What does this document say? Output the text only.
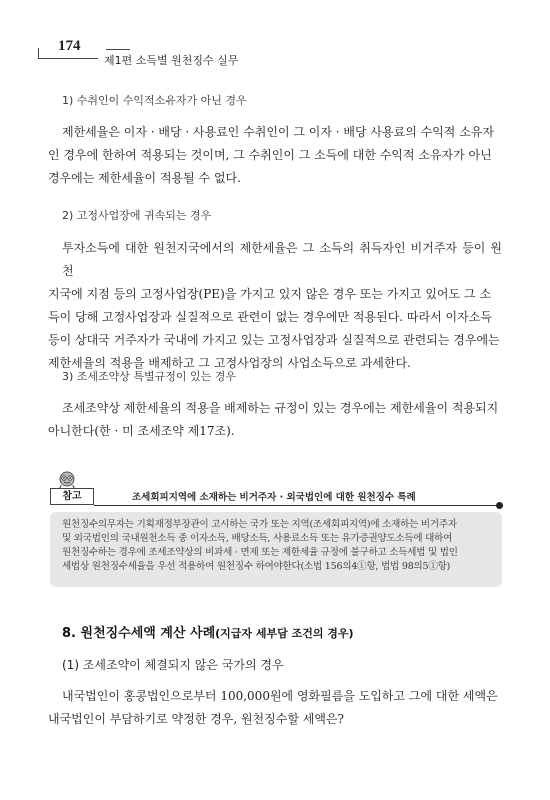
174
제1편 소득별 원천징수 실무
1) 수취인이 수익적소유자가 아닌 경우
제한세율은 이자 · 배당 · 사용료인 수취인이 그 이자 · 배당 사용료의 수익적 소유자
인 경우에 한하여 적용되는 것이며, 그 수취인이 그 소득에 대한 수익적 소유자가 아닌
경우에는 제한세율이 적용될 수 없다.
2) 고정사업장에 귀속되는 경우
투자소득에 대한 원천지국에서의 제한세율은 그 소득의 취득자인 비거주자 등이 원천
지국에 지점 등의 고정사업장(PE)을 가지고 있지 않은 경우 또는 가지고 있어도 그 소
득이 당해 고정사업장과 실질적으로 관련이 없는 경우에만 적용된다. 따라서 이자소득
등이 상대국 거주자가 국내에 가지고 있는 고정사업장과 실질적으로 관련되는 경우에는
제한세율의 적용을 배제하고 그 고정사업장의 사업소득으로 과세한다.
3) 조세조약상 특별규정이 있는 경우
조세조약상 제한세율의 적용을 배제하는 규정이 있는 경우에는 제한세율이 적용되지
아니한다(한 · 미 조세조약 제17조).
참고	조세회피지역에 소재하는 비거주자 · 외국법인에 대한 원천징수 특례

원천징수의무자는 기획재정부장관이 고시하는 국가 또는 지역(조세회피지역)에 소재하는 비거주자

및 외국법인의 국내원천소득 중 이자소득, 배당소득, 사용료소득 또는 유가증권양도소득에 대하여

원천징수하는 경우에 조세조약상의 비과세 · 면제 또는 제한세율 규정에 불구하고 소득세법 및 법인

세법상 원천징수세율을 우선 적용하여 원천징수 하여야한다(소법 156의4①항, 법법 98의5①항)

8. 원천징수세액 계산 사례(지급자 세부담 조건의 경우)
(1) 조세조약이 체결되지 않은 국가의 경우
내국법인이 홍콩법인으로부터 100,000원에 영화필름을 도입하고 그에 대한 세액은
내국법인이 부담하기로 약정한 경우, 원천징수할 세액은?
